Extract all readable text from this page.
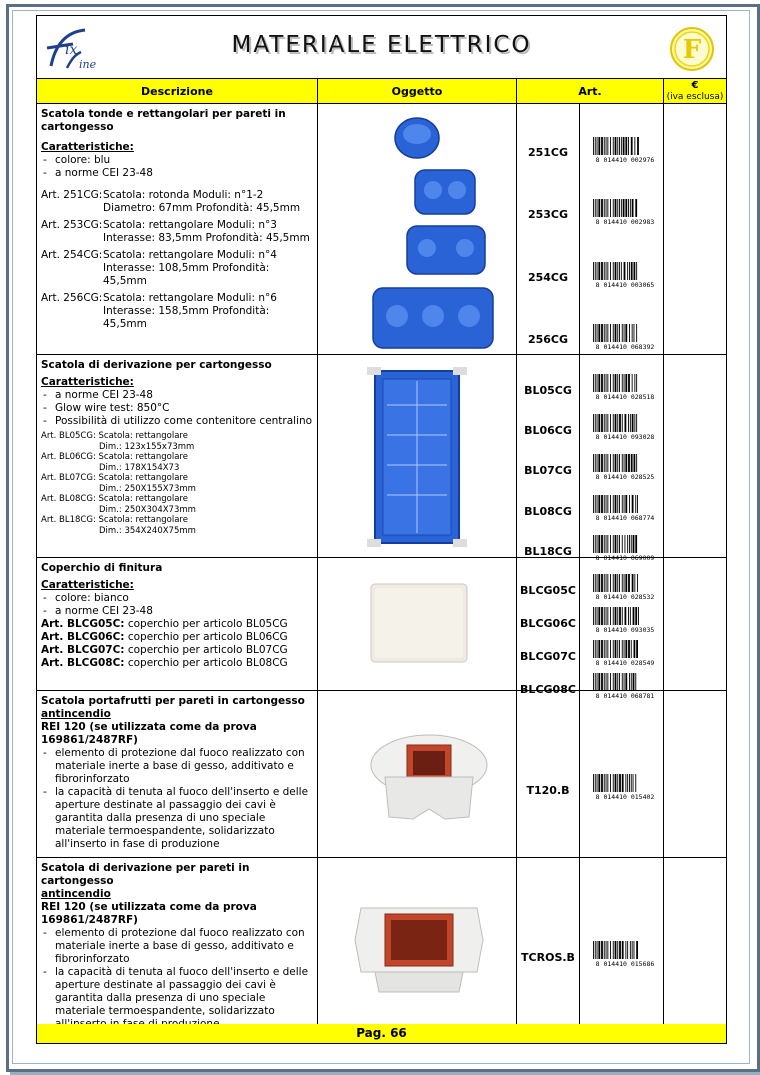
ix
ine
MATERIALE ELETTRICO	F
Descrizione	Oggetto	Art.	€
(iva esclusa)
Scatola tonde e rettangolari per pareti in cartongesso
Caratteristiche:
- colore: blu
- a norme CEI 23-48
Art. 251CG: Scatola: rotonda Moduli: n°1-2
Diametro: 67mm Profondità: 45,5mm
Art. 253CG: Scatola: rettangolare Moduli: n°3
Interasse: 83,5mm Profondità: 45,5mm
Art. 254CG: Scatola: rettangolare Moduli: n°4
Interasse: 108,5mm Profondità: 45,5mm
Art. 256CG: Scatola: rettangolare Moduli: n°6
Interasse: 158,5mm Profondità: 45,5mm
251CG
8 014410 002976
253CG
8 014410 002983
254CG
8 014410 003065
256CG
8 014410 068392
Scatola di derivazione per cartongesso
Caratteristiche:
- a norme CEI 23-48
- Glow wire test: 850°C
- Possibilità di utilizzo come contenitore centralino
Art. BL05CG: Scatola: rettangolare
Dim.: 123x155x73mm
Art. BL06CG: Scatola: rettangolare
Dim.: 178X154X73
Art. BL07CG: Scatola: rettangolare
Dim.: 250X155X73mm
Art. BL08CG: Scatola: rettangolare
Dim.: 250X304X73mm
Art. BL18CG: Scatola: rettangolare
Dim.: 354X240X75mm
BL05CG	8 014410 028518
BL06CG	8 014410 093028
BL07CG	8 014410 028525
BL08CG	8 014410 068774
BL18CG	8 014410 069009
Coperchio di finitura
Caratteristiche:
- colore: bianco
- a norme CEI 23-48
Art. BLCG05C: coperchio per articolo BL05CG
Art. BLCG06C: coperchio per articolo BL06CG
Art. BLCG07C: coperchio per articolo BL07CG
Art. BLCG08C: coperchio per articolo BL08CG
BLCG05C	8 014410 028532
BLCG06C	8 014410 093035
BLCG07C	8 014410 028549
BLCG08C	8 014410 068781
Scatola portafrutti per pareti in cartongesso
antincendio
REI 120 (se utilizzata come da prova 169861/2487RF)
- elemento di protezione dal fuoco realizzato con materiale inerte a base di gesso, additivato e fibrorinforzato
- la capacità di tenuta al fuoco dell'inserto e delle aperture destinate al passaggio dei cavi è garantita dalla presenza di uno speciale materiale termoespandente, solidarizzato all'inserto in fase di produzione
T120.B	8 014410 015402
Scatola di derivazione per pareti in cartongesso
antincendio
REI 120 (se utilizzata come da prova 169861/2487RF)
- elemento di protezione dal fuoco realizzato con materiale inerte a base di gesso, additivato e fibrorinforzato
- la capacità di tenuta al fuoco dell'inserto e delle aperture destinate al passaggio dei cavi è garantita dalla presenza di uno speciale materiale termoespandente, solidarizzato
TCROS.B	8 014410 015686
Pag. 66
